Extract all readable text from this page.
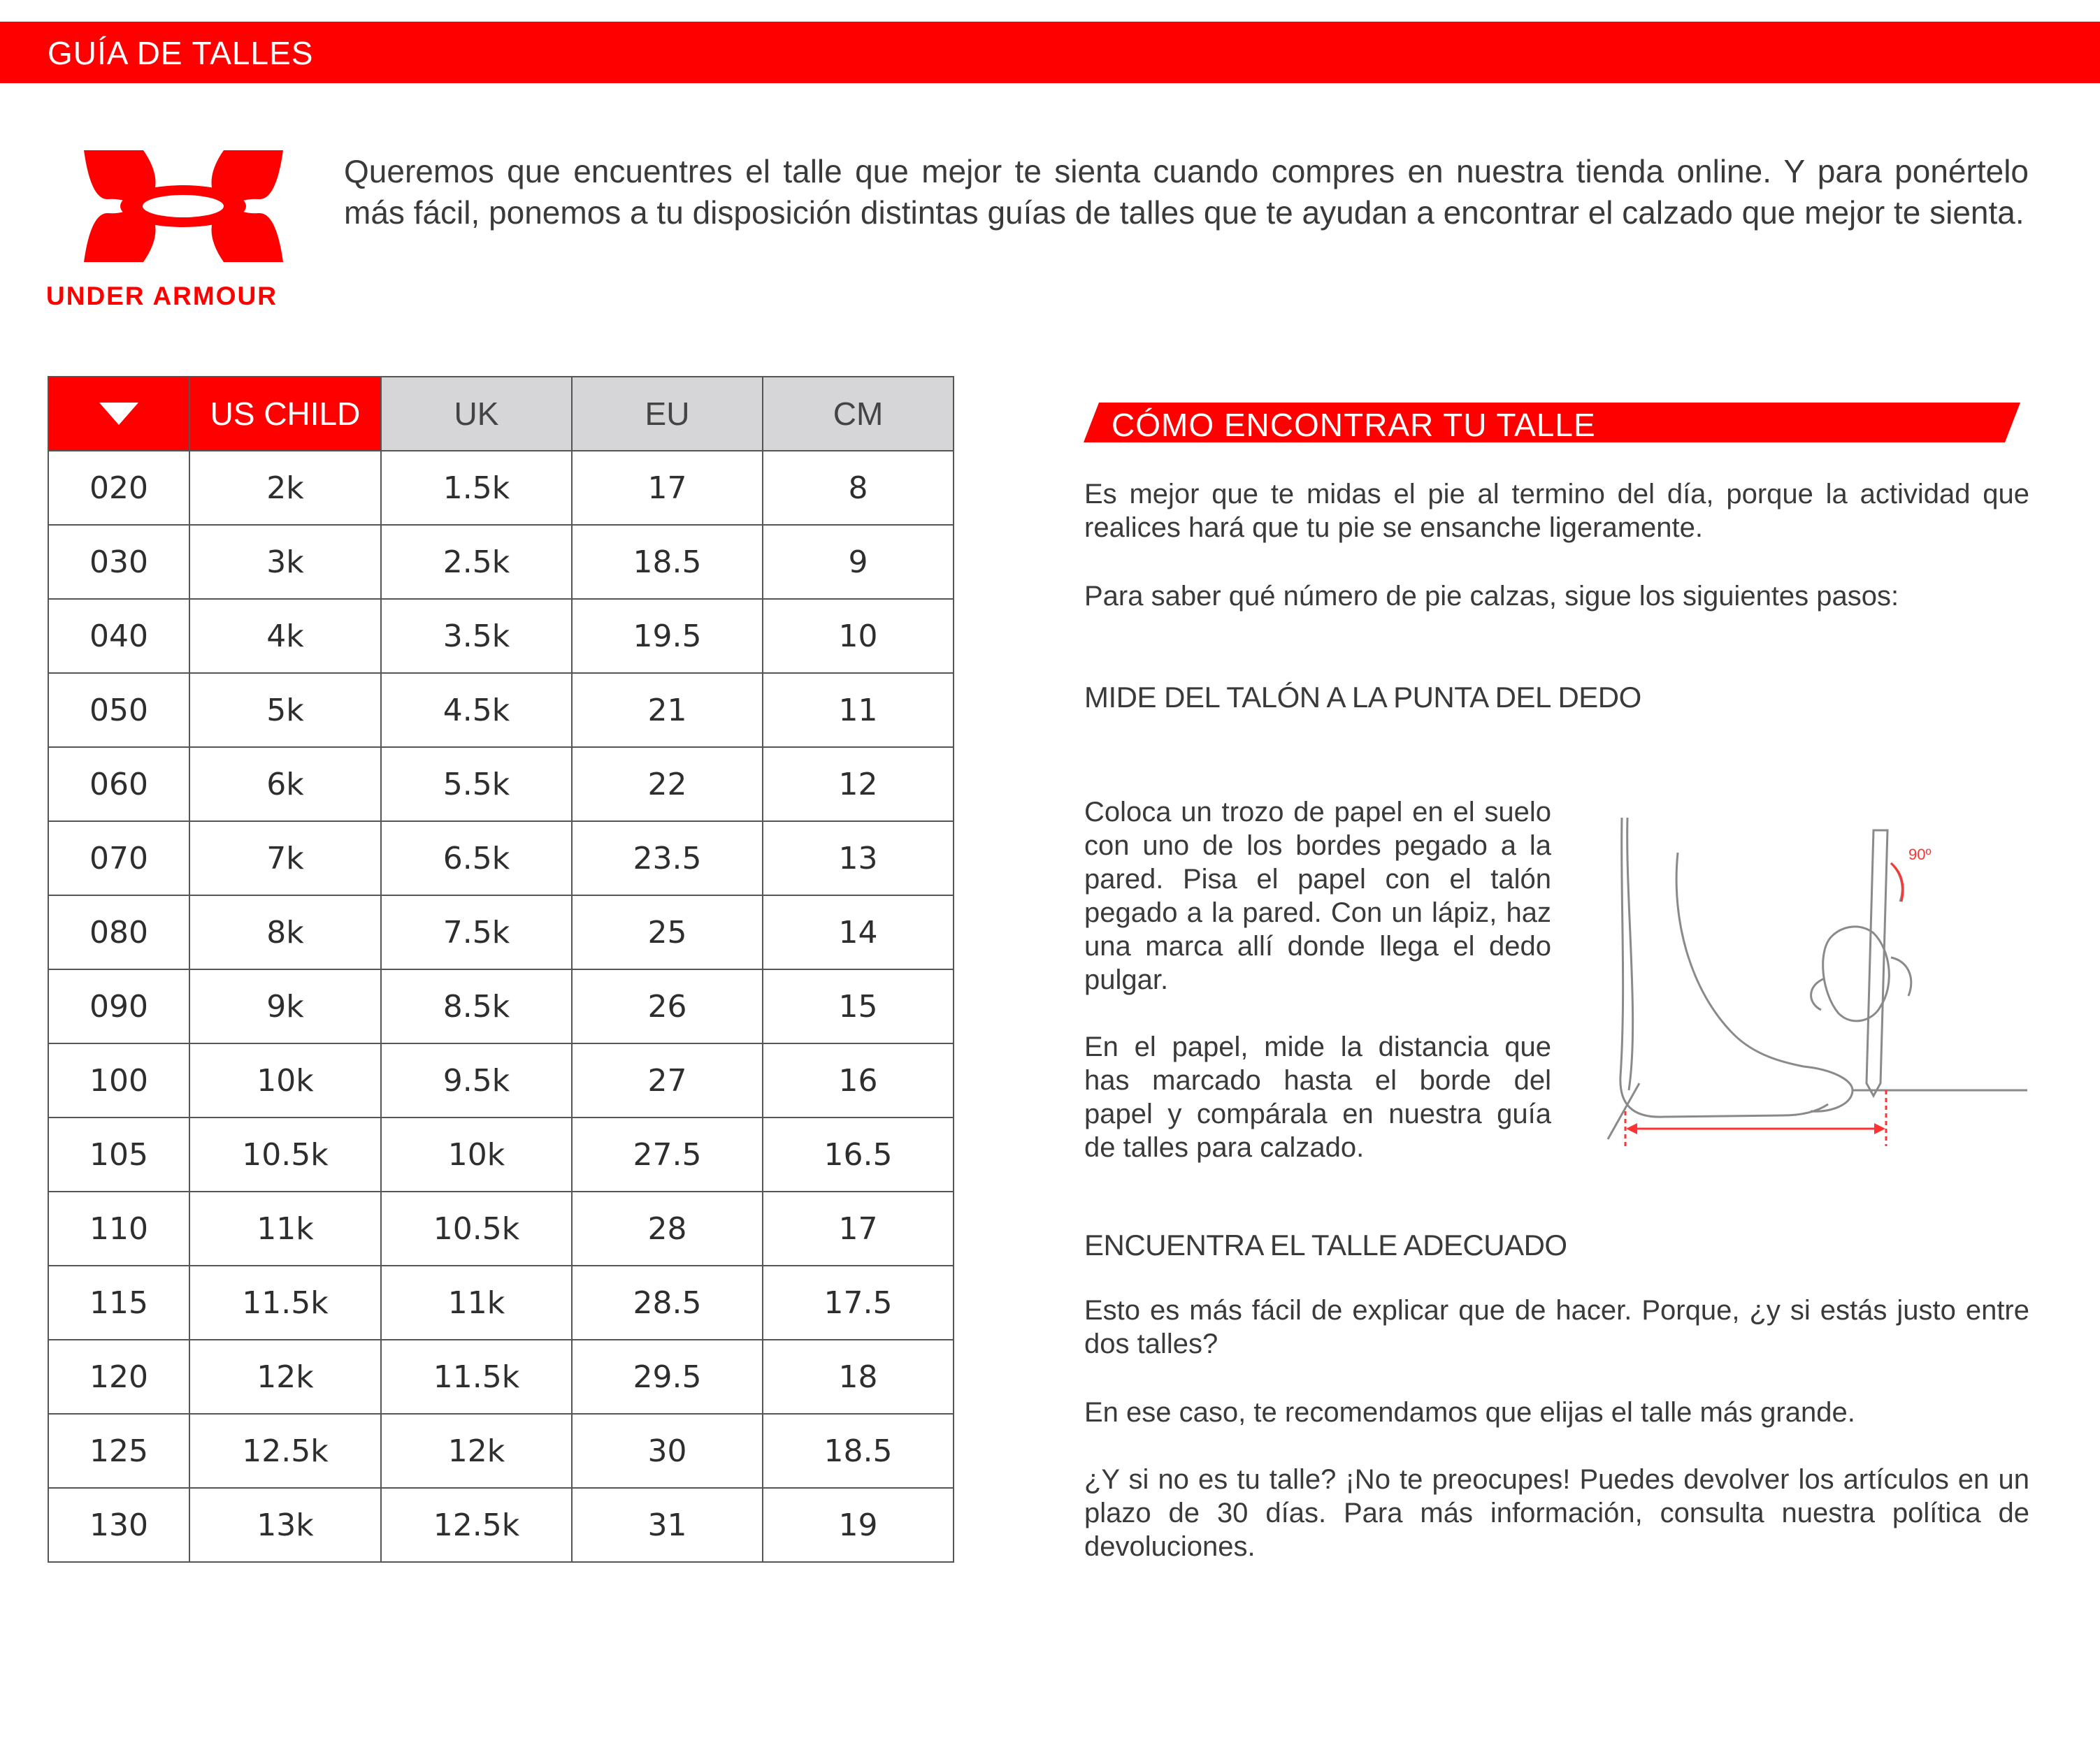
GUÍA DE TALLES
UNDER ARMOUR

Queremos que encuentres el talle que mejor te sienta cuando compres en nuestra tienda online. Y para ponértelo más fácil, ponemos a tu disposición distintas guías de talles que te ayudan a encontrar el calzado que mejor te sienta.

	US CHILD	UK	EU	CM
020	2k	1.5k	17	8
030	3k	2.5k	18.5	9
040	4k	3.5k	19.5	10
050	5k	4.5k	21	11
060	6k	5.5k	22	12
070	7k	6.5k	23.5	13
080	8k	7.5k	25	14
090	9k	8.5k	26	15
100	10k	9.5k	27	16
105	10.5k	10k	27.5	16.5
110	11k	10.5k	28	17
115	11.5k	11k	28.5	17.5
120	12k	11.5k	29.5	18
125	12.5k	12k	30	18.5
130	13k	12.5k	31	19
CÓMO ENCONTRAR TU TALLE

Es mejor que te midas el pie al termino del día, porque la actividad que realices hará que tu pie se ensanche ligeramente.

Para saber qué número de pie calzas, sigue los siguientes pasos:

MIDE DEL TALÓN A LA PUNTA DEL DEDO

Coloca un trozo de papel en el suelo con uno de los bordes pegado a la pared. Pisa el papel con el talón pegado a la pared. Con un lápiz, haz una marca allí donde llega el dedo pulgar.

En el papel, mide la distancia que has marcado hasta el borde del papel y compárala en nuestra guía de talles para calzado.

90º

ENCUENTRA EL TALLE ADECUADO

Esto es más fácil de explicar que de hacer. Porque, ¿y si estás justo entre dos talles?

En ese caso, te recomendamos que elijas el talle más grande.

¿Y si no es tu talle? ¡No te preocupes! Puedes devolver los artículos en un plazo de 30 días. Para más información, consulta nuestra política de devoluciones.
